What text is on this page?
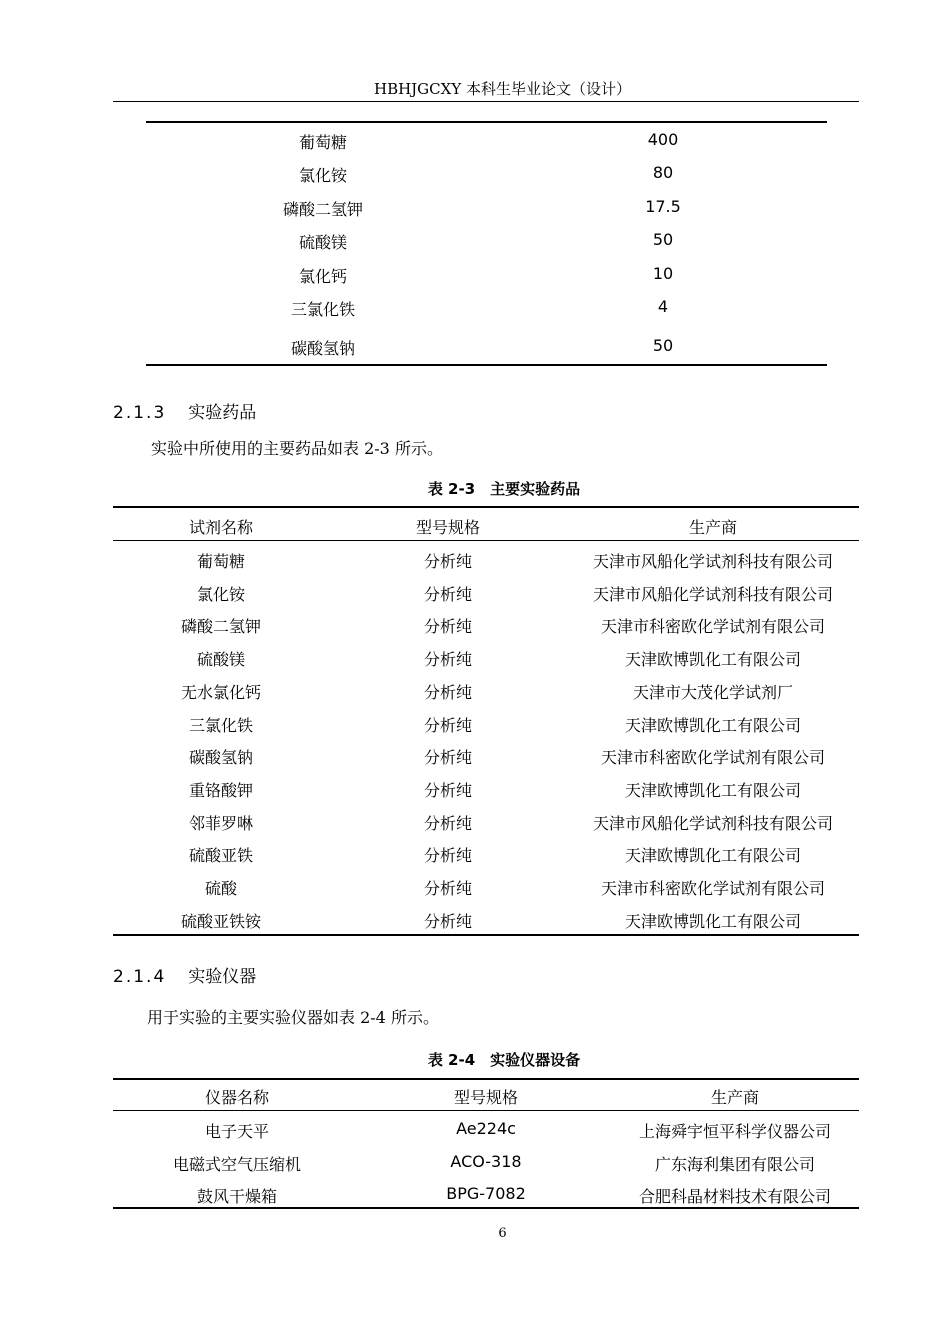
HBHJGCXY 本科生毕业论文（设计）
葡萄糖	400
氯化铵	80
磷酸二氢钾	17.5
硫酸镁	50
氯化钙	10
三氯化铁	4
碳酸氢钠	50
2.1.3 实验药品
实验中所使用的主要药品如表 2-3 所示。
表 2-3　主要实验药品
试剂名称	型号规格	生产商
葡萄糖	分析纯	天津市风船化学试剂科技有限公司
氯化铵	分析纯	天津市风船化学试剂科技有限公司
磷酸二氢钾	分析纯	天津市科密欧化学试剂有限公司
硫酸镁	分析纯	天津欧博凯化工有限公司
无水氯化钙	分析纯	天津市大茂化学试剂厂
三氯化铁	分析纯	天津欧博凯化工有限公司
碳酸氢钠	分析纯	天津市科密欧化学试剂有限公司
重铬酸钾	分析纯	天津欧博凯化工有限公司
邻菲罗啉	分析纯	天津市风船化学试剂科技有限公司
硫酸亚铁	分析纯	天津欧博凯化工有限公司
硫酸	分析纯	天津市科密欧化学试剂有限公司
硫酸亚铁铵	分析纯	天津欧博凯化工有限公司
2.1.4 实验仪器
用于实验的主要实验仪器如表 2-4 所示。
表 2-4　实验仪器设备
仪器名称	型号规格	生产商
电子天平	Ae224c	上海舜宇恒平科学仪器公司
电磁式空气压缩机	ACO-318	广东海利集团有限公司
鼓风干燥箱	BPG-7082	合肥科晶材料技术有限公司
6
